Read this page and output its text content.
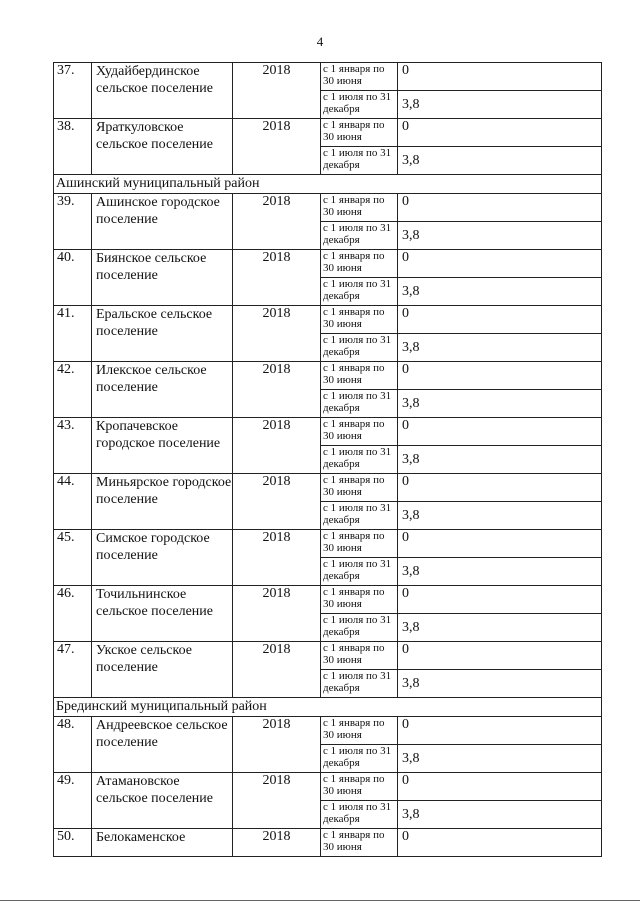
4
37.	Худайбердинское сельское поселение	2018	с 1 января по 30 июня	0
			с 1 июля по 31 декабря	3,8
38.	Яраткуловское сельское поселение	2018	с 1 января по 30 июня	0
			с 1 июля по 31 декабря	3,8
Ашинский муниципальный район				
39.	Ашинское городское поселение	2018	с 1 января по 30 июня	0
			с 1 июля по 31 декабря	3,8
40.	Биянское сельское поселение	2018	с 1 января по 30 июня	0
			с 1 июля по 31 декабря	3,8
41.	Еральское сельское поселение	2018	с 1 января по 30 июня	0
			с 1 июля по 31 декабря	3,8
42.	Илекское сельское поселение	2018	с 1 января по 30 июня	0
			с 1 июля по 31 декабря	3,8
43.	Кропачевское городское поселение	2018	с 1 января по 30 июня	0
			с 1 июля по 31 декабря	3,8
44.	Миньярское городское поселение	2018	с 1 января по 30 июня	0
			с 1 июля по 31 декабря	3,8
45.	Симское городское поселение	2018	с 1 января по 30 июня	0
			с 1 июля по 31 декабря	3,8
46.	Точильнинское сельское поселение	2018	с 1 января по 30 июня	0
			с 1 июля по 31 декабря	3,8
47.	Укское сельское поселение	2018	с 1 января по 30 июня	0
			с 1 июля по 31 декабря	3,8
Брединский муниципальный район				
48.	Андреевское сельское поселение	2018	с 1 января по 30 июня	0
			с 1 июля по 31 декабря	3,8
49.	Атамановское сельское поселение	2018	с 1 января по 30 июня	0
			с 1 июля по 31 декабря	3,8
50.	Белокаменское	2018	с 1 января по 30 июня	0
